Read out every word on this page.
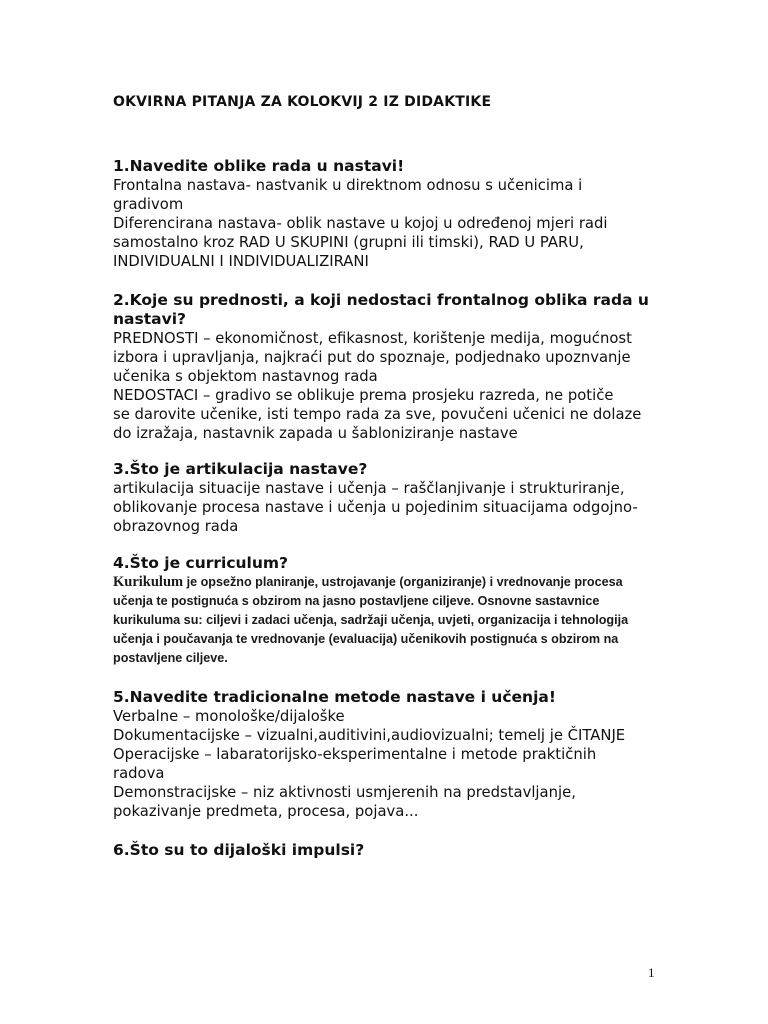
OKVIRNA PITANJA ZA KOLOKVIJ 2 IZ DIDAKTIKE

1.Navedite oblike rada u nastavi!

Frontalna nastava- nastvanik u direktnom odnosu s učenicima i

gradivom

Diferencirana nastava- oblik nastave u kojoj u određenoj mjeri radi

samostalno kroz RAD U SKUPINI (grupni ili timski), RAD U PARU,

INDIVIDUALNI I INDIVIDUALIZIRANI

2.Koje su prednosti, a koji nedostaci frontalnog oblika rada u

nastavi?

PREDNOSTI – ekonomičnost, efikasnost, korištenje medija, mogućnost

izbora i upravljanja, najkraći put do spoznaje, podjednako upoznvanje

učenika s objektom nastavnog rada

NEDOSTACI – gradivo se oblikuje prema prosjeku razreda, ne potiče

se darovite učenike, isti tempo rada za sve, povučeni učenici ne dolaze

do izražaja, nastavnik zapada u šabloniziranje nastave

3.Što je artikulacija nastave?

artikulacija situacije nastave i učenja – raščlanjivanje i strukturiranje,

oblikovanje procesa nastave i učenja u pojedinim situacijama odgojno-

obrazovnog rada

4.Što je curriculum?

Kurikulum je opsežno planiranje, ustrojavanje (organiziranje) i vrednovanje procesa

učenja te postignuća s obzirom na jasno postavljene ciljeve. Osnovne sastavnice

kurikuluma su: ciljevi i zadaci učenja, sadržaji učenja, uvjeti, organizacija i tehnologija

učenja i poučavanja te vrednovanje (evaluacija) učenikovih postignuća s obzirom na

postavljene ciljeve.

5.Navedite tradicionalne metode nastave i učenja!

Verbalne – monološke/dijaloške

Dokumentacijske – vizualni,auditivini,audiovizualni; temelj je ČITANJE

Operacijske – labaratorijsko-eksperimentalne i metode praktičnih

radova

Demonstracijske – niz aktivnosti usmjerenih na predstavljanje,

pokazivanje predmeta, procesa, pojava...

6.Što su to dijaloški impulsi?

1
